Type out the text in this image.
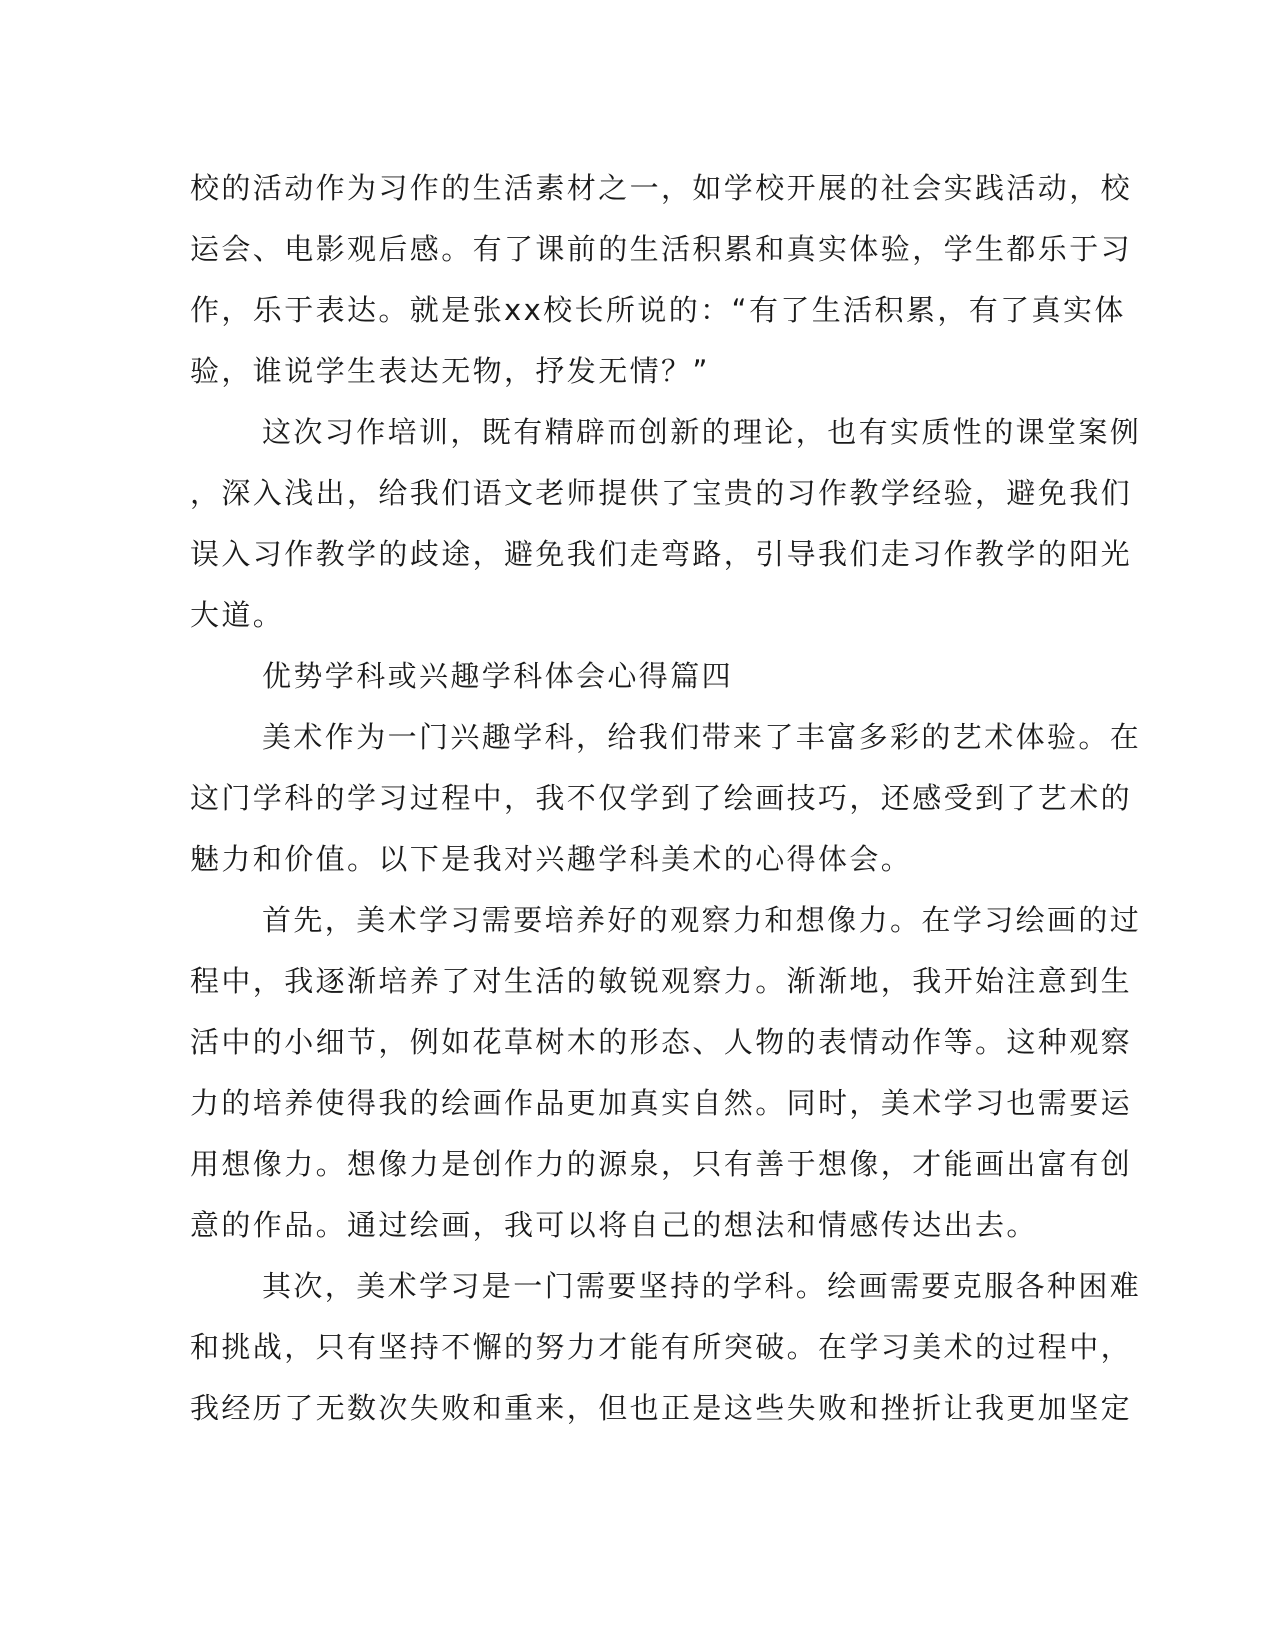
校的活动作为习作的生活素材之一，如学校开展的社会实践活动，校
运会、电影观后感。有了课前的生活积累和真实体验，学生都乐于习
作，乐于表达。就是张xx校长所说的：“有了生活积累，有了真实体
验，谁说学生表达无物，抒发无情？”
这次习作培训，既有精辟而创新的理论，也有实质性的课堂案例
，深入浅出，给我们语文老师提供了宝贵的习作教学经验，避免我们
误入习作教学的歧途，避免我们走弯路，引导我们走习作教学的阳光
大道。
优势学科或兴趣学科体会心得篇四
美术作为一门兴趣学科，给我们带来了丰富多彩的艺术体验。在
这门学科的学习过程中，我不仅学到了绘画技巧，还感受到了艺术的
魅力和价值。以下是我对兴趣学科美术的心得体会。
首先，美术学习需要培养好的观察力和想像力。在学习绘画的过
程中，我逐渐培养了对生活的敏锐观察力。渐渐地，我开始注意到生
活中的小细节，例如花草树木的形态、人物的表情动作等。这种观察
力的培养使得我的绘画作品更加真实自然。同时，美术学习也需要运
用想像力。想像力是创作力的源泉，只有善于想像，才能画出富有创
意的作品。通过绘画，我可以将自己的想法和情感传达出去。
其次，美术学习是一门需要坚持的学科。绘画需要克服各种困难
和挑战，只有坚持不懈的努力才能有所突破。在学习美术的过程中，
我经历了无数次失败和重来，但也正是这些失败和挫折让我更加坚定
